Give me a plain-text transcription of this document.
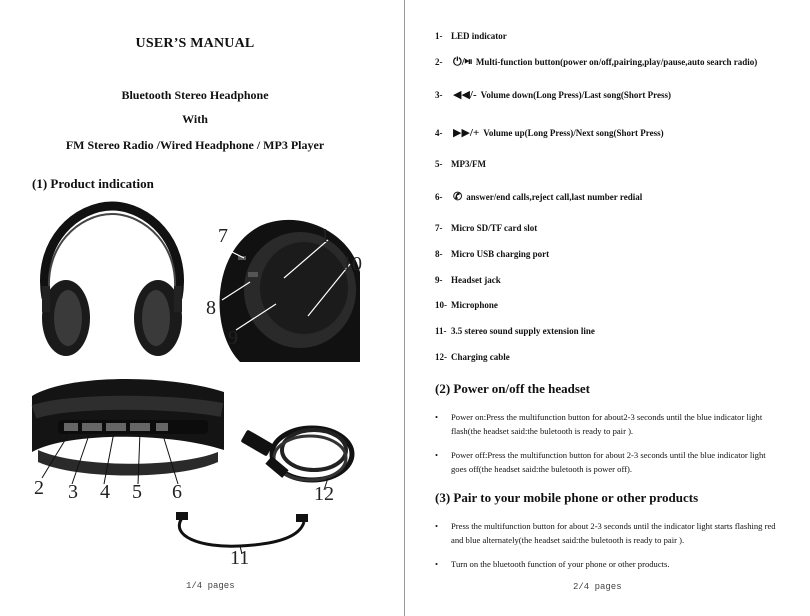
USER’S MANUAL
Bluetooth Stereo Headphone
With
FM Stereo Radio /Wired Headphone / MP3 Player
(1) Product indication
7	1
10
8
9
2 3 4 5 6	12
11
1/4 pages
1- LED indicator
2- ⏻/⏯ Multi-function button(power on/off,pairing,play/pause,auto search radio)
3- ◀◀/- Volume down(Long Press)/Last song(Short Press)
4- ▶▶/+ Volume up(Long Press)/Next song(Short Press)
5- MP3/FM
6- ✆ answer/end calls,reject call,last number redial
7- Micro SD/TF card slot
8- Micro USB charging port
9- Headset jack
10- Microphone
11- 3.5 stereo sound supply extension line
12- Charging cable
(2) Power on/off the headset
• Power on:Press the multifunction button for about2-3 seconds until the blue indicator light flash(the headset said:the buletooth is ready to pair ).
• Power off:Press the multifunction button for about 2-3 seconds until the blue indicator light goes off(the headset said:the buletooth is power off).
(3) Pair to your mobile phone or other products
• Press the multifunction button for about 2-3 seconds until the indicator light starts flashing red and blue alternately(the headset said:the buletooth is ready to pair ).
• Turn on the bluetooth function of your phone or other products.
2/4 pages
